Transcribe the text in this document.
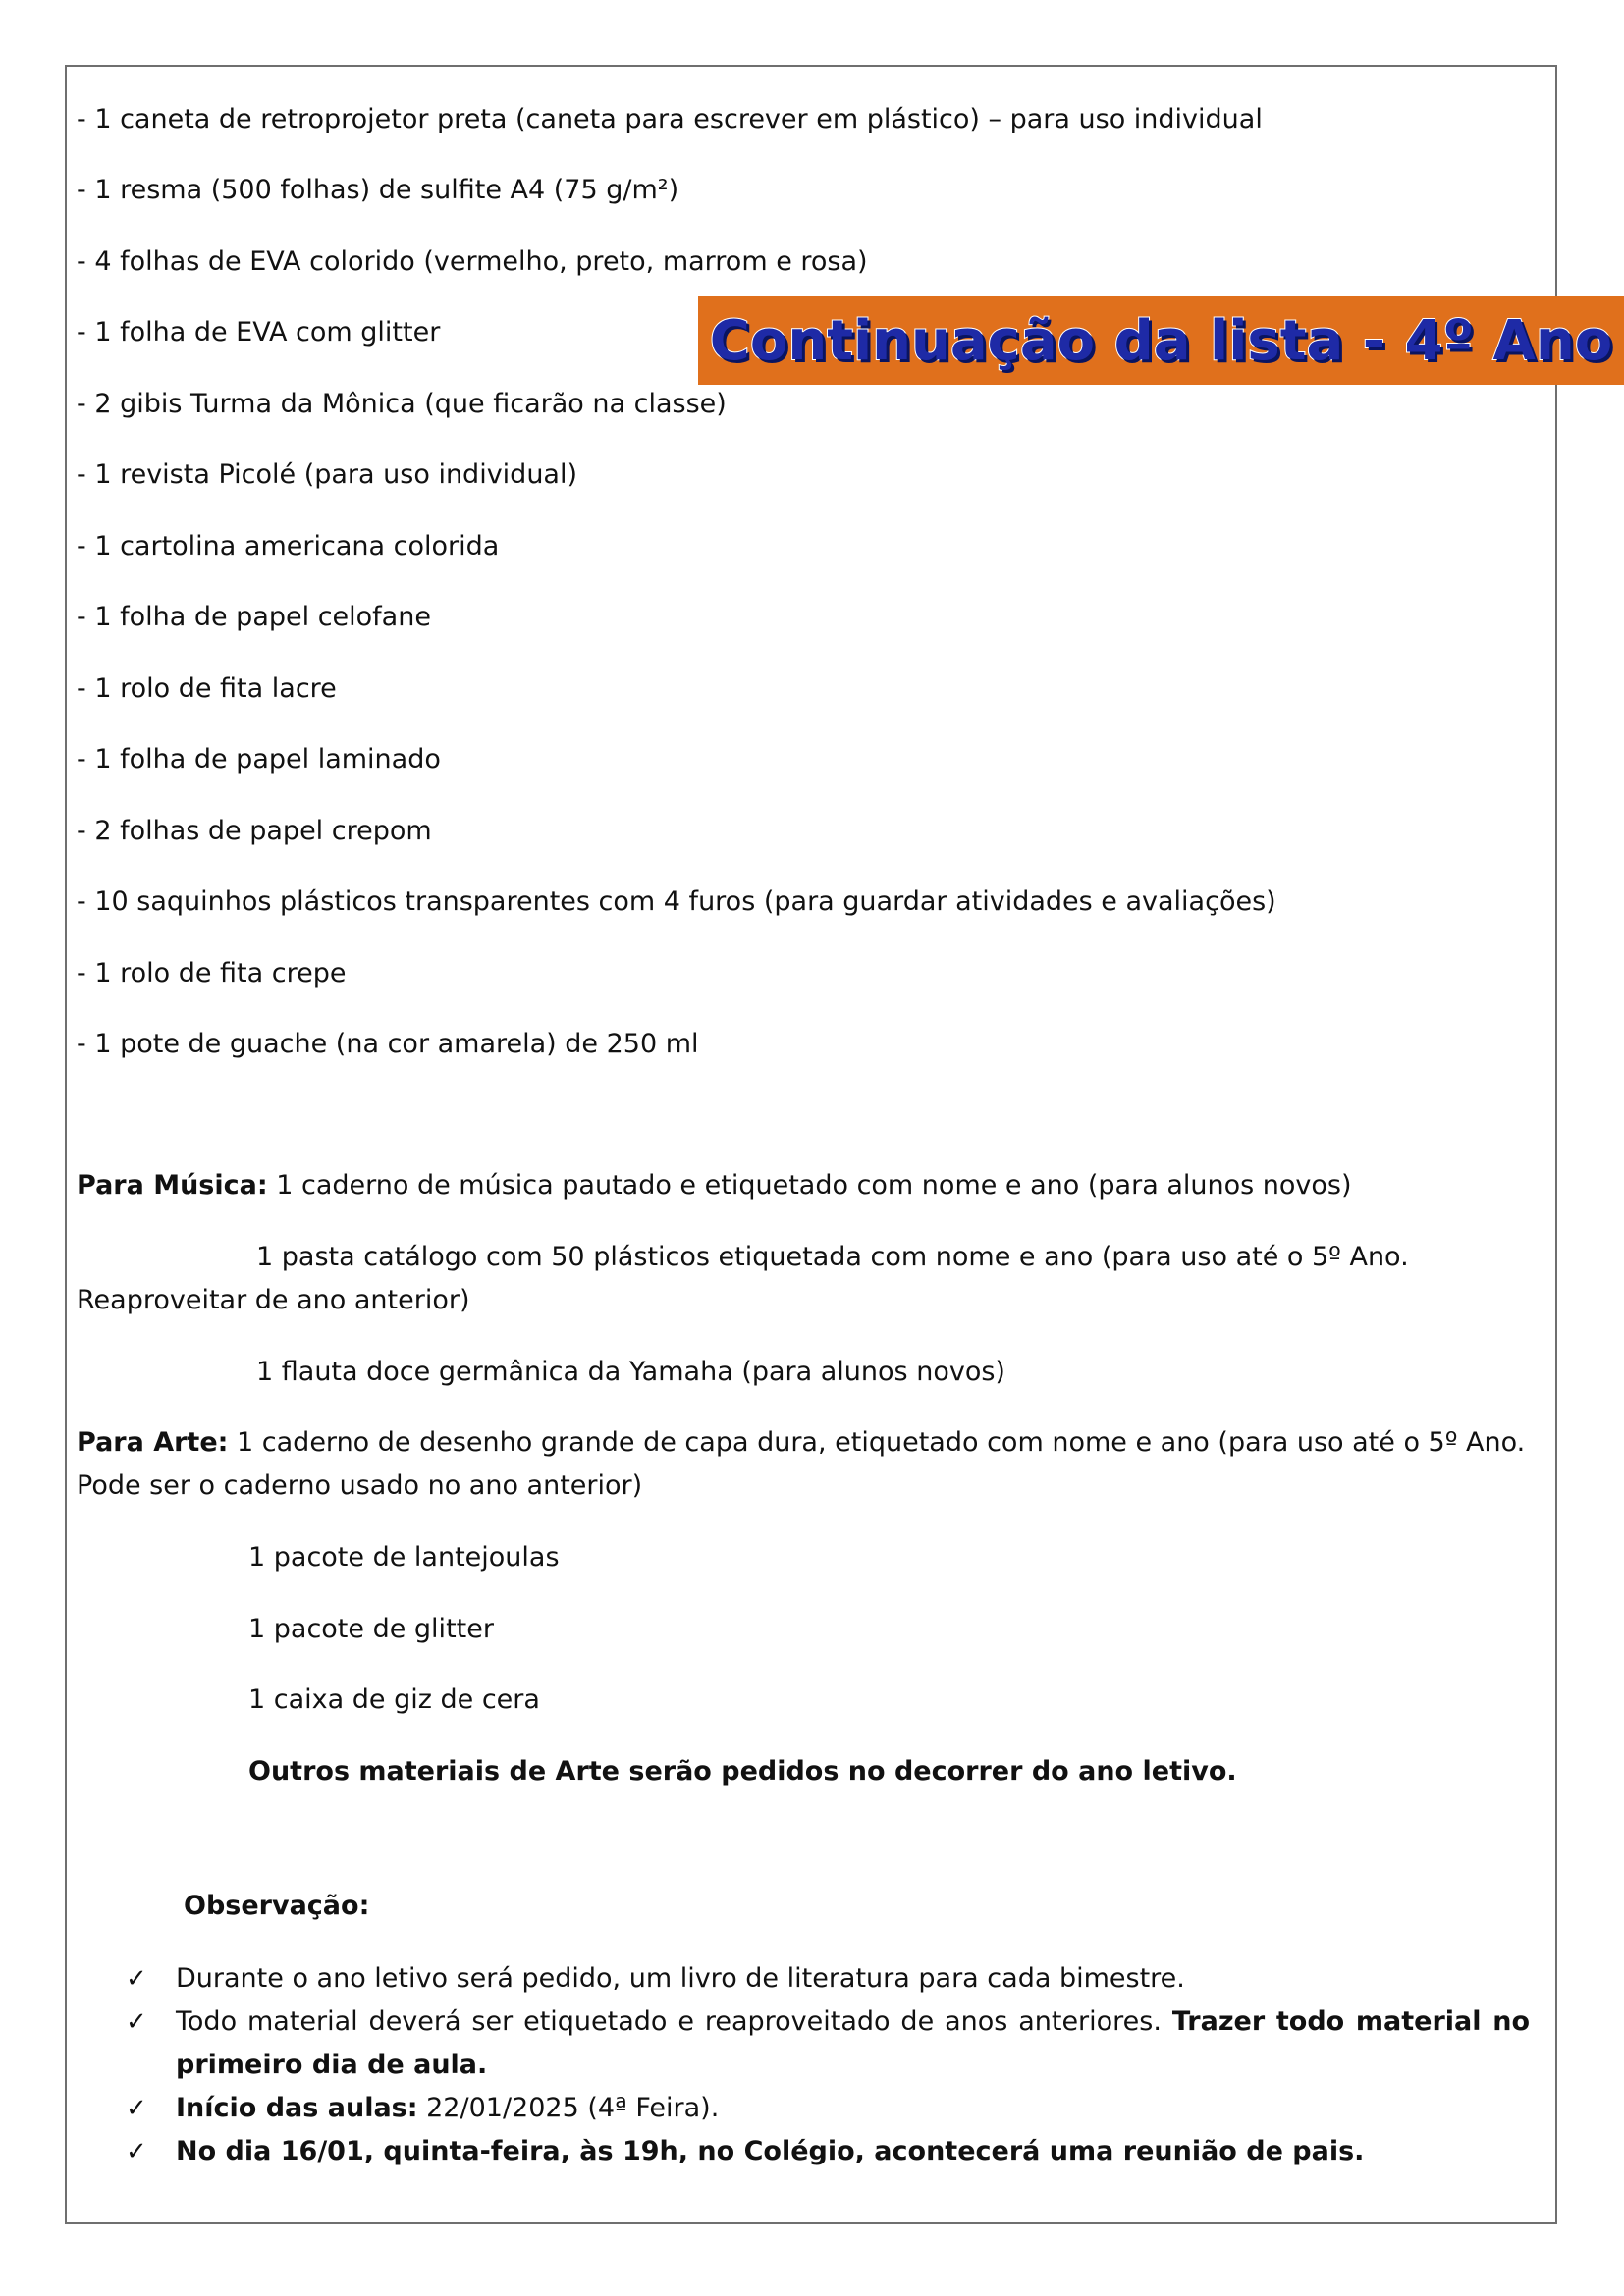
Continuação da lista - 4º Ano
- 1 caneta de retroprojetor preta (caneta para escrever em plástico) – para uso individual
- 1 resma (500 folhas) de sulfite A4 (75 g/m²)
- 4 folhas de EVA colorido (vermelho, preto, marrom e rosa)
- 1 folha de EVA com glitter
- 2 gibis Turma da Mônica (que ficarão na classe)
- 1 revista Picolé (para uso individual)
- 1 cartolina americana colorida
- 1 folha de papel celofane
- 1 rolo de fita lacre
- 1 folha de papel laminado
- 2 folhas de papel crepom
- 10 saquinhos plásticos transparentes com 4 furos (para guardar atividades e avaliações)
- 1 rolo de fita crepe
- 1 pote de guache (na cor amarela) de 250 ml
Para Música: 1 caderno de música pautado e etiquetado com nome e ano (para alunos novos)
1 pasta catálogo com 50 plásticos etiquetada com nome e ano (para uso até o 5º Ano. Reaproveitar de ano anterior)
1 flauta doce germânica da Yamaha (para alunos novos)
Para Arte: 1 caderno de desenho grande de capa dura, etiquetado com nome e ano (para uso até o 5º Ano. Pode ser o caderno usado no ano anterior)
1 pacote de lantejoulas
1 pacote de glitter
1 caixa de giz de cera
Outros materiais de Arte serão pedidos no decorrer do ano letivo.
Observação:
✓ Durante o ano letivo será pedido, um livro de literatura para cada bimestre.
✓ Todo material deverá ser etiquetado e reaproveitado de anos anteriores. Trazer todo material no primeiro dia de aula.
✓ Início das aulas: 22/01/2025 (4ª Feira).
✓ No dia 16/01, quinta-feira, às 19h, no Colégio, acontecerá uma reunião de pais.
